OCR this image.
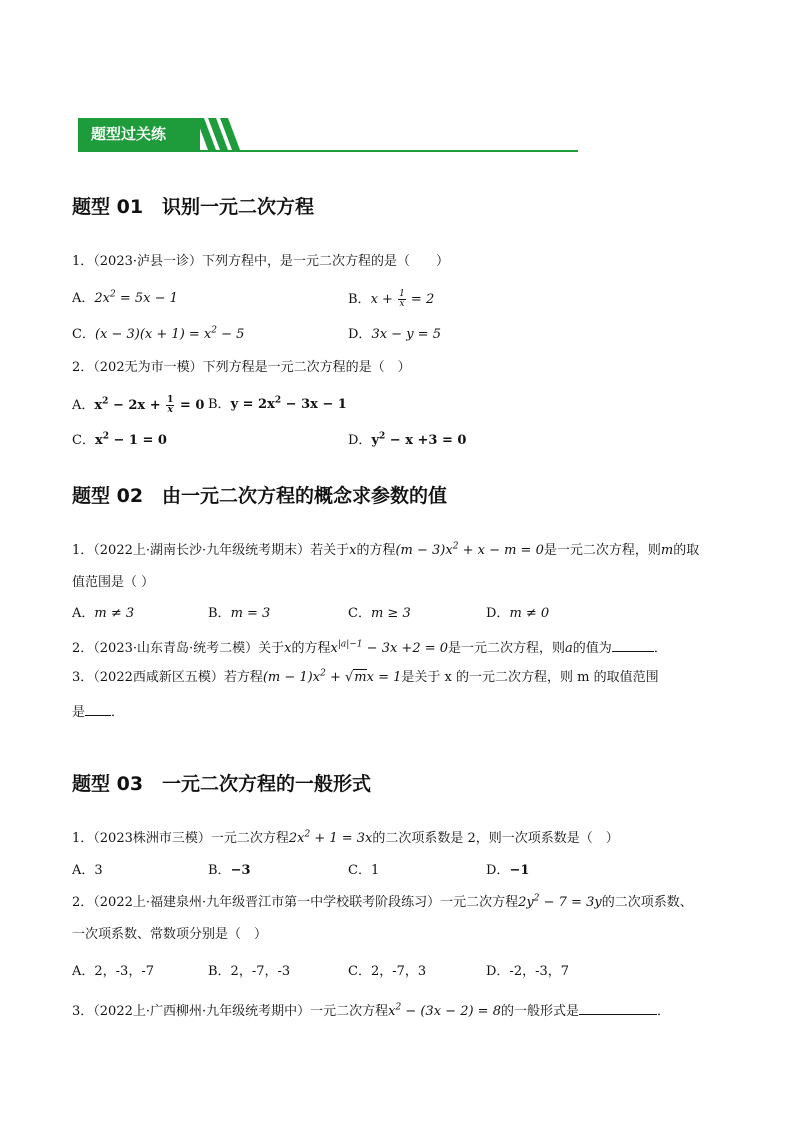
题型过关练
题型 01　识别一元二次方程
1．（2023·泸县一诊）下列方程中，是一元二次方程的是（　　）
A．$2x^2 = 5x - 1$	B．$x + \frac{1}{x} = 2$
C．$(x - 3)(x + 1) = x^2 - 5$	D．3x − y = 5
2．（202无为市一模）下列方程是一元二次方程的是（　）
A．$x^2 - 2x + \frac{1}{x} = 0$ B．$y = 2x^2 - 3x - 1$
C．$x^2 - 1 = 0$	D．$y^2 - x +3 = 0$
题型 02　由一元二次方程的概念求参数的值
1．（2022上·湖南长沙·九年级统考期末）若关于x的方程$(m - 3)x^2 + x - m = 0$是一元二次方程，则m的取
值范围是（ ）
A．m ≠ 3	B．m = 3	C．m ≥ 3	D．m ≠ 0
2．（2023·山东青岛·统考二模）关于x的方程$x^{|a|-1} - 3x +2 = 0$是一元二次方程，则a的值为	．
3．（2022西咸新区五模）若方程$(m - 1)x^2 + √mx = 1$是关于 x 的一元二次方程，则 m 的取值范围
是 ．
题型 03　一元二次方程的一般形式
1．（2023株洲市三模）一元二次方程$2x^2 + 1 = 3x$的二次项系数是 2，则一次项系数是（　）
A．3	B．−3	C．1	D．−1
2．（2022上·福建泉州·九年级晋江市第一中学校联考阶段练习）一元二次方程$2y^2 - 7 = 3y$的二次项系数、
一次项系数、常数项分别是（　）
A．2，-3，-7	B．2，-7，-3	C．2，-7，3	D．-2，-3，7
3．（2022上·广西柳州·九年级统考期中）一元二次方程$x^2 - (3x - 2) = 8$的一般形式是	．
